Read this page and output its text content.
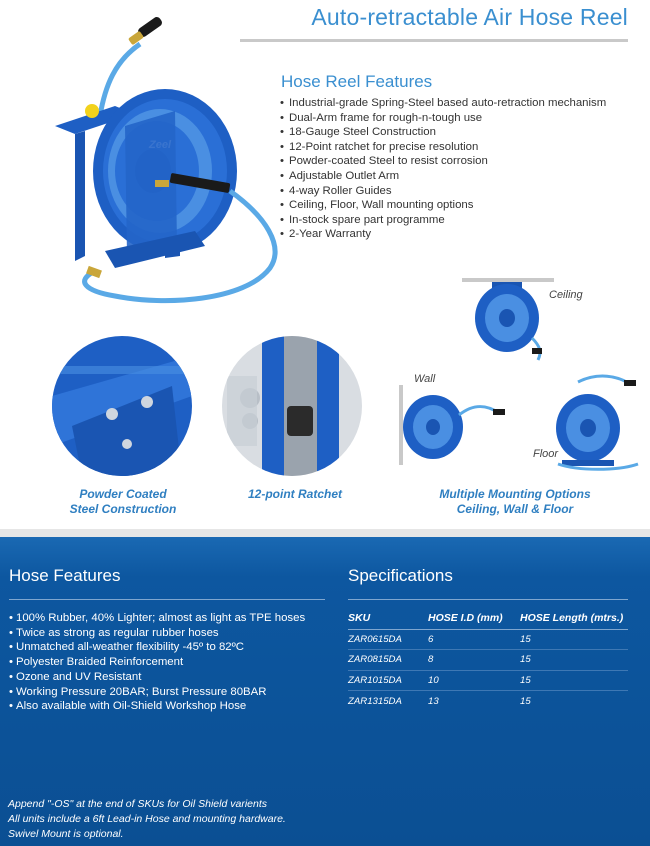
Auto-retractable Air Hose Reel
Hose Reel Features
• Industrial-grade Spring-Steel based auto-retraction mechanism
• Dual-Arm frame for rough-n-tough use
• 18-Gauge Steel Construction
• 12-Point ratchet for precise resolution
• Powder-coated Steel to resist corrosion
• Adjustable Outlet Arm
• 4-way Roller Guides
• Ceiling, Floor, Wall mounting options
• In-stock spare part programme
• 2-Year Warranty
Powder Coated
Steel Construction
12-point Ratchet
Ceiling
Wall
Floor
Multiple Mounting Options
Ceiling, Wall & Floor
Hose Features
• 100% Rubber, 40% Lighter; almost as light as TPE hoses
• Twice as strong as regular rubber hoses
• Unmatched all-weather flexibility -45º to 82ºC
• Polyester Braided Reinforcement
• Ozone and UV Resistant
• Working Pressure 20BAR; Burst Pressure 80BAR
• Also available with Oil-Shield Workshop Hose
Specifications
SKU	HOSE I.D (mm)	HOSE Length (mtrs.)
ZAR0615DA	6	15
ZAR0815DA	8	15
ZAR1015DA	10	15
ZAR1315DA	13	15
Append "-OS" at the end of SKUs for Oil Shield varients
All units include a 6ft Lead-in Hose and mounting hardware.
Swivel Mount is optional.
